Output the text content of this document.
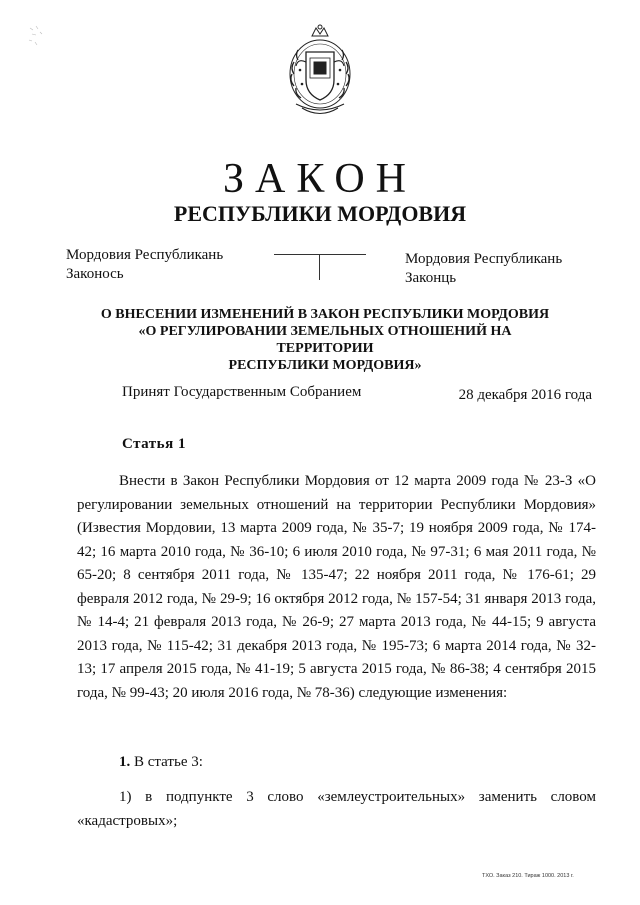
ЗАКОН
РЕСПУБЛИКИ МОРДОВИЯ
Мордовия Республикань
Законось
Мордовия Республикань
Законць
О ВНЕСЕНИИ ИЗМЕНЕНИЙ В ЗАКОН РЕСПУБЛИКИ МОРДОВИЯ
«О РЕГУЛИРОВАНИИ ЗЕМЕЛЬНЫХ ОТНОШЕНИЙ НА ТЕРРИТОРИИ
РЕСПУБЛИКИ МОРДОВИЯ»
Принят Государственным Собранием	28 декабря 2016 года
Статья 1

Внести в Закон Республики Мордовия от 12 марта 2009 года № 23-З «О регулировании земельных отношений на территории Республики Мордовия» (Известия Мордовии, 13 марта 2009 года, № 35-7; 19 ноября 2009 года, № 174-42; 16 марта 2010 года, № 36-10; 6 июля 2010 года, № 97-31; 6 мая 2011 года, № 65-20; 8 сентября 2011 года, № 135-47; 22 ноября 2011 года, № 176-61; 29 февраля 2012 года, № 29-9; 16 октября 2012 года, № 157-54; 31 января 2013 года, № 14-4; 21 февраля 2013 года, № 26-9; 27 марта 2013 года, № 44-15; 9 августа 2013 года, № 115-42; 31 декабря 2013 года, № 195-73; 6 марта 2014 года, № 32-13; 17 апреля 2015 года, № 41-19; 5 августа 2015 года, № 86-38; 4 сентября 2015 года, № 99-43; 20 июля 2016 года, № 78-36) следующие изменения:

1. В статье 3:

1) в подпункте 3 слово «землеустроительных» заменить словом «кадастровых»;

ТХО. Заказ 210. Тираж 1000. 2013 г.
